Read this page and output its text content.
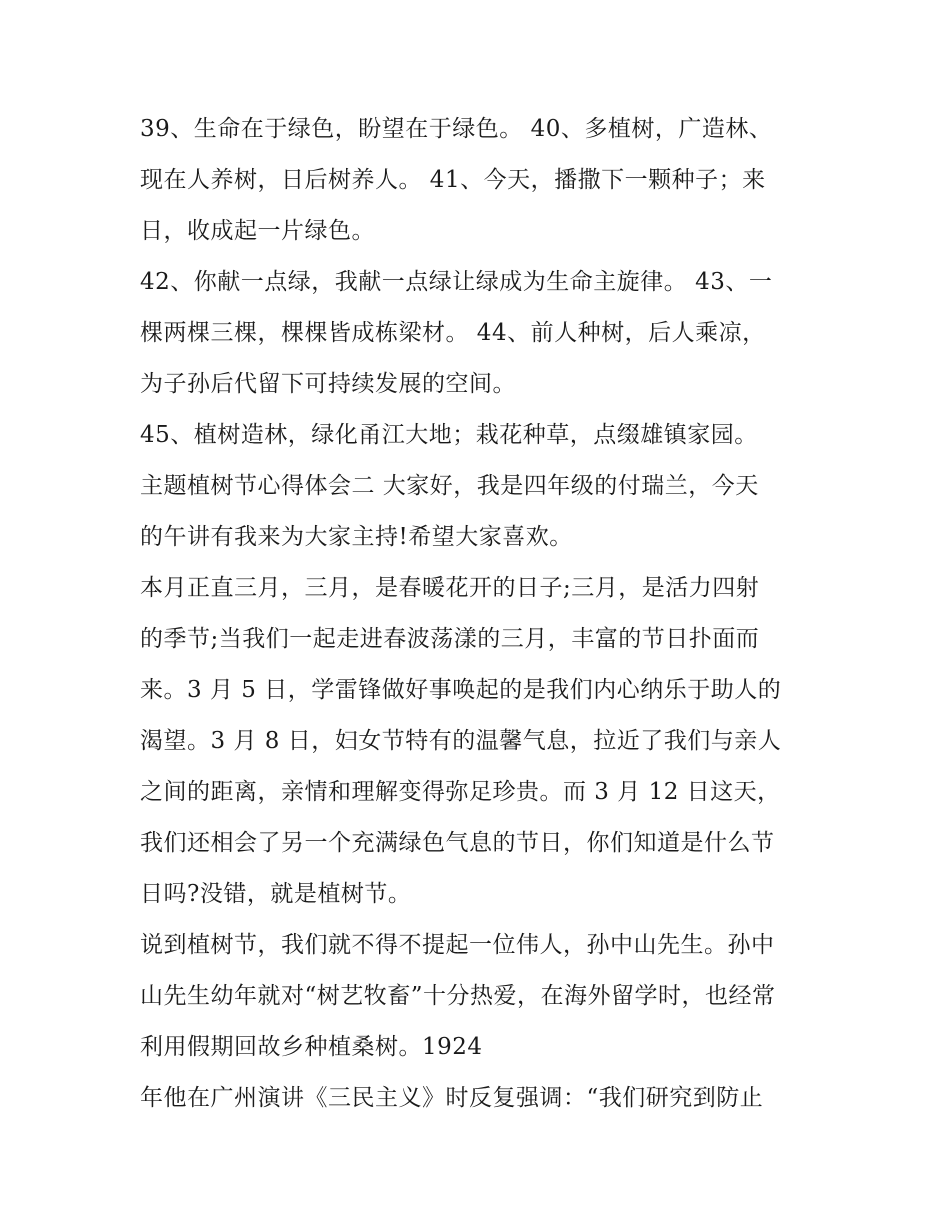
39、生命在于绿色，盼望在于绿色。 40、多植树，广造林、
现在人养树，日后树养人。 41、今天，播撒下一颗种子；来
日，收成起一片绿色。
42、你献一点绿，我献一点绿让绿成为生命主旋律。 43、一
棵两棵三棵，棵棵皆成栋梁材。 44、前人种树，后人乘凉，
为子孙后代留下可持续发展的空间。
45、植树造林，绿化甬江大地；栽花种草，点缀雄镇家园。
主题植树节心得体会二 大家好，我是四年级的付瑞兰，今天
的午讲有我来为大家主持!希望大家喜欢。
本月正直三月，三月，是春暖花开的日子;三月，是活力四射
的季节;当我们一起走进春波荡漾的三月，丰富的节日扑面而
来。3 月 5 日，学雷锋做好事唤起的是我们内心纳乐于助人的
渴望。3 月 8 日，妇女节特有的温馨气息，拉近了我们与亲人
之间的距离，亲情和理解变得弥足珍贵。而 3 月 12 日这天，
我们还相会了另一个充满绿色气息的节日，你们知道是什么节
日吗?没错，就是植树节。
说到植树节，我们就不得不提起一位伟人，孙中山先生。孙中
山先生幼年就对“树艺牧畜”十分热爱，在海外留学时，也经常
利用假期回故乡种植桑树。1924
年他在广州演讲《三民主义》时反复强调：“我们研究到防止
